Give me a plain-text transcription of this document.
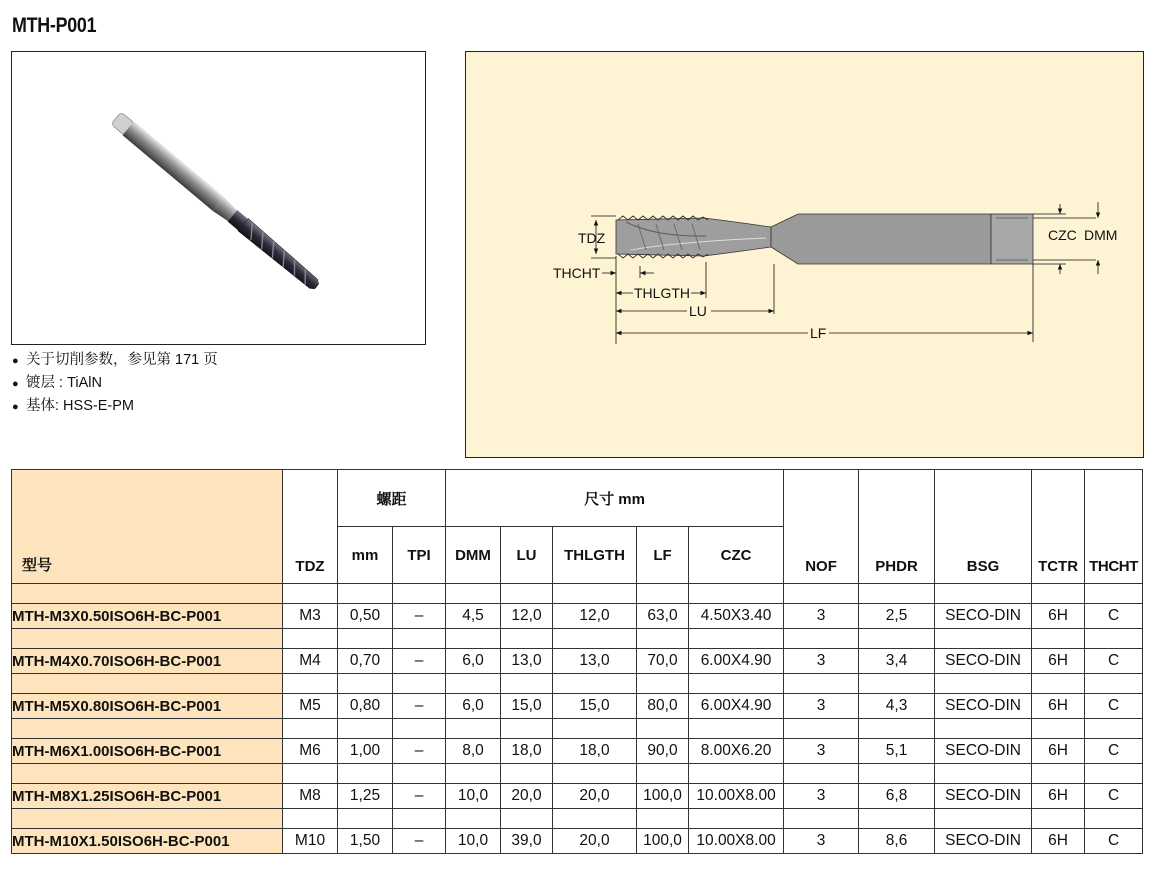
MTH-P001
● 关于切削参数，参见第 171 页
● 镀层 : TiAlN
● 基体: HSS-E-PM
TDZ
THCHT
THLGTH
LU
LF
CZC DMM
型号	TDZ	螺距		尺寸 mm					NOF	PHDR	BSG	TCTR	THCHT
		mm	TPI	DMM	LU	THLGTH	LF	CZC					

MTH-M3X0.50ISO6H-BC-P001	M3	0,50	–	4,5	12,0	12,0	63,0	4.50X3.40	3	2,5	SECO-DIN	6H	C

MTH-M4X0.70ISO6H-BC-P001	M4	0,70	–	6,0	13,0	13,0	70,0	6.00X4.90	3	3,4	SECO-DIN	6H	C

MTH-M5X0.80ISO6H-BC-P001	M5	0,80	–	6,0	15,0	15,0	80,0	6.00X4.90	3	4,3	SECO-DIN	6H	C

MTH-M6X1.00ISO6H-BC-P001	M6	1,00	–	8,0	18,0	18,0	90,0	8.00X6.20	3	5,1	SECO-DIN	6H	C

MTH-M8X1.25ISO6H-BC-P001	M8	1,25	–	10,0	20,0	20,0	100,0	10.00X8.00	3	6,8	SECO-DIN	6H	C

MTH-M10X1.50ISO6H-BC-P001	M10	1,50	–	10,0	39,0	20,0	100,0	10.00X8.00	3	8,6	SECO-DIN	6H	C
